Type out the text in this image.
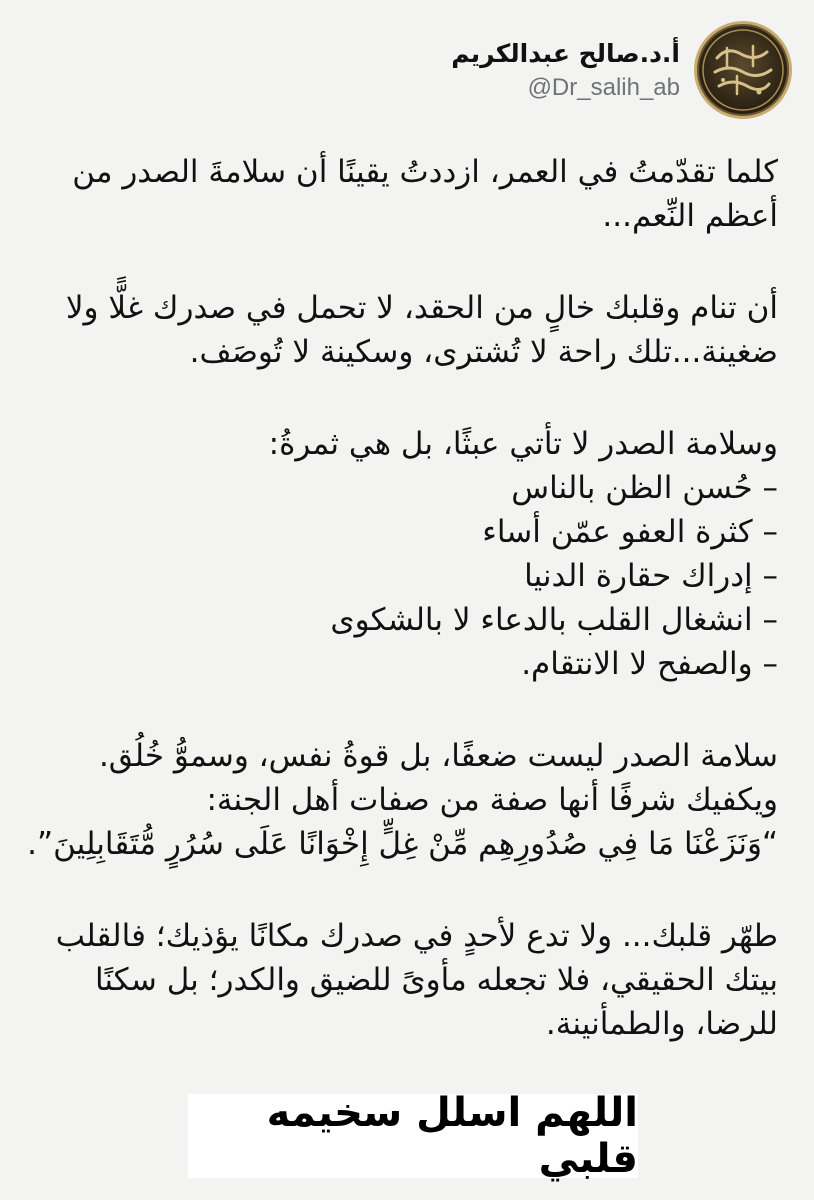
أ.د.صالح عبدالكريم
@Dr_salih_ab

كلما تقدّمتُ في العمر، ازددتُ يقينًا أن سلامةَ الصدر من
أعظم النِّعم...

أن تنام وقلبك خالٍ من الحقد، لا تحمل في صدرك غلًّا ولا
ضغينة...تلك راحة لا تُشترى، وسكينة لا تُوصَف.

وسلامة الصدر لا تأتي عبثًا، بل هي ثمرةُ:
– حُسن الظن بالناس
– كثرة العفو عمّن أساء
– إدراك حقارة الدنيا
– انشغال القلب بالدعاء لا بالشكوى
– والصفح لا الانتقام.

سلامة الصدر ليست ضعفًا، بل قوةُ نفس، وسموُّ خُلُق.
ويكفيك شرفًا أنها صفة من صفات أهل الجنة:
“وَنَزَعْنَا مَا فِي صُدُورِهِم مِّنْ غِلٍّ إِخْوَانًا عَلَى سُرُرٍ مُّتَقَابِلِينَ”.

طهّر قلبك... ولا تدع لأحدٍ في صدرك مكانًا يؤذيك؛ فالقلب
بيتك الحقيقي، فلا تجعله مأوىً للضيق والكدر؛ بل سكنًا
للرضا، والطمأنينة.

اللهم اسلل سخيمه قلبي
